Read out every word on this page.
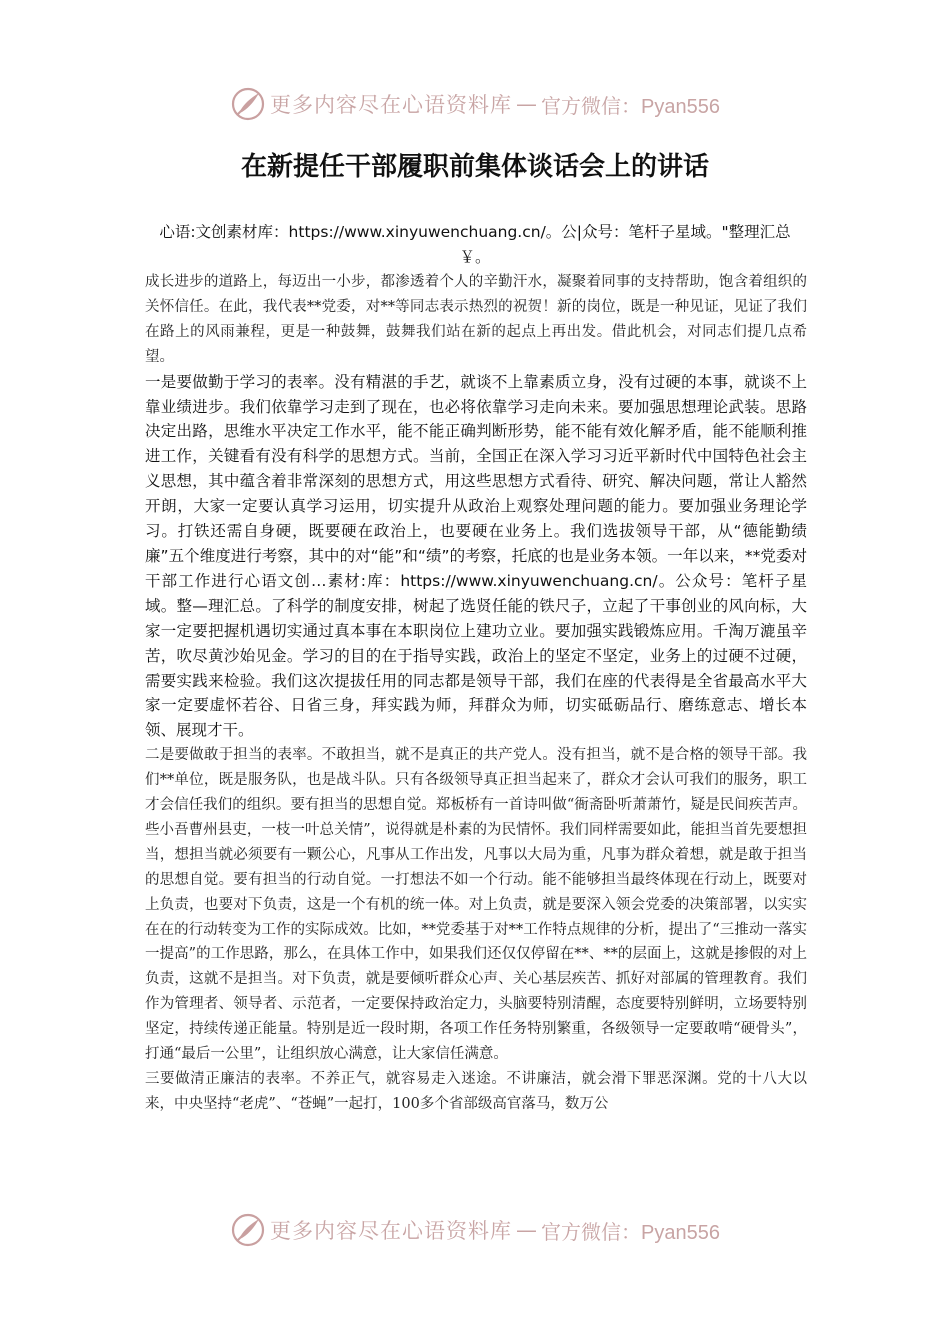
更多内容尽在心语资料库 — 官方微信：Pyan556
在新提任干部履职前集体谈话会上的讲话
心语:文创素材库：https://www.xinyuwenchuang.cn/。公|众号：笔杆子星域。"整理汇总￥。

成长进步的道路上，每迈出一小步，都渗透着个人的辛勤汗水，凝聚着同事的支持帮助，饱含着组织的关怀信任。在此，我代表**党委，对**等同志表示热烈的祝贺！新的岗位，既是一种见证，见证了我们在路上的风雨兼程，更是一种鼓舞，鼓舞我们站在新的起点上再出发。借此机会，对同志们提几点希望。

一是要做勤于学习的表率。没有精湛的手艺，就谈不上靠素质立身，没有过硬的本事，就谈不上靠业绩进步。我们依靠学习走到了现在，也必将依靠学习走向未来。要加强思想理论武装。思路决定出路，思维水平决定工作水平，能不能正确判断形势，能不能有效化解矛盾，能不能顺利推进工作，关键看有没有科学的思想方式。当前，全国正在深入学习习近平新时代中国特色社会主义思想，其中蕴含着非常深刻的思想方式，用这些思想方式看待、研究、解决问题，常让人豁然开朗，大家一定要认真学习运用，切实提升从政治上观察处理问题的能力。要加强业务理论学习。打铁还需自身硬，既要硬在政治上，也要硬在业务上。我们选拔领导干部，从“德能勤绩廉”五个维度进行考察，其中的对“能”和“绩”的考察，托底的也是业务本领。一年以来，**党委对干部工作进行心语文创…素材:库：https://www.xinyuwenchuang.cn/。公众号：笔杆子星域。整—理汇总。了科学的制度安排，树起了选贤任能的铁尺子，立起了干事创业的风向标，大家一定要把握机遇切实通过真本事在本职岗位上建功立业。要加强实践锻炼应用。千淘万漉虽辛苦，吹尽黄沙始见金。学习的目的在于指导实践，政治上的坚定不坚定，业务上的过硬不过硬，需要实践来检验。我们这次提拔任用的同志都是领导干部，我们在座的代表得是全省最高水平大家一定要虚怀若谷、日省三身，拜实践为师，拜群众为师，切实砥砺品行、磨练意志、增长本领、展现才干。

二是要做敢于担当的表率。不敢担当，就不是真正的共产党人。没有担当，就不是合格的领导干部。我们**单位，既是服务队，也是战斗队。只有各级领导真正担当起来了，群众才会认可我们的服务，职工才会信任我们的组织。要有担当的思想自觉。郑板桥有一首诗叫做“衙斋卧听萧萧竹，疑是民间疾苦声。些小吾曹州县吏，一枝一叶总关情”，说得就是朴素的为民情怀。我们同样需要如此，能担当首先要想担当，想担当就必须要有一颗公心，凡事从工作出发，凡事以大局为重，凡事为群众着想，就是敢于担当的思想自觉。要有担当的行动自觉。一打想法不如一个行动。能不能够担当最终体现在行动上，既要对上负责，也要对下负责，这是一个有机的统一体。对上负责，就是要深入领会党委的决策部署，以实实在在的行动转变为工作的实际成效。比如，**党委基于对**工作特点规律的分析，提出了“三推动一落实一提高”的工作思路，那么，在具体工作中，如果我们还仅仅停留在**、**的层面上，这就是掺假的对上负责，这就不是担当。对下负责，就是要倾听群众心声、关心基层疾苦、抓好对部属的管理教育。我们作为管理者、领导者、示范者，一定要保持政治定力，头脑要特别清醒，态度要特别鲜明，立场要特别坚定，持续传递正能量。特别是近一段时期，各项工作任务特别繁重，各级领导一定要敢啃“硬骨头”，打通“最后一公里”，让组织放心满意，让大家信任满意。

三要做清正廉洁的表率。不养正气，就容易走入迷途。不讲廉洁，就会滑下罪恶深渊。党的十八大以来，中央坚持“老虎”、“苍蝇”一起打，100多个省部级高官落马，数万公

更多内容尽在心语资料库 — 官方微信：Pyan556
